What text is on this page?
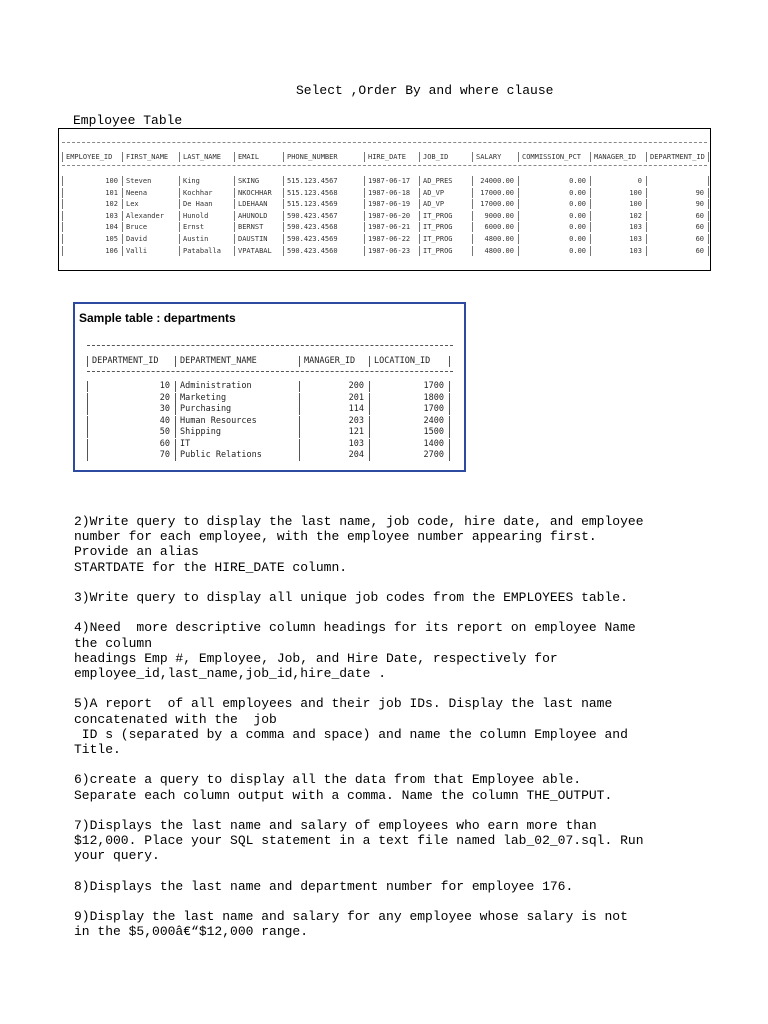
Select ,Order By and where clause
Employee Table
EMPLOYEE_ID	FIRST_NAME	LAST_NAME	EMAIL	PHONE_NUMBER	HIRE_DATE	JOB_ID	SALARY	COMMISSION_PCT	MANAGER_ID	DEPARTMENT_ID
100 Steven	King	SKING	515.123.4567	1987-06-17	AD_PRES	24000.00	0.00	0
101 Neena	Kochhar	NKOCHHAR	515.123.4568	1987-06-18	AD_VP	17000.00	0.00	100	90
102 Lex	De Haan	LDEHAAN	515.123.4569	1987-06-19	AD_VP	17000.00	0.00	100	90
103 Alexander	Hunold	AHUNOLD	590.423.4567	1987-06-20	IT_PROG	9000.00	0.00	102	60
104 Bruce	Ernst	BERNST	590.423.4568	1987-06-21	IT_PROG	6000.00	0.00	103	60
105 David	Austin	DAUSTIN	590.423.4569	1987-06-22	IT_PROG	4800.00	0.00	103	60
106 Valli	Pataballa	VPATABAL	590.423.4560	1987-06-23	IT_PROG	4800.00	0.00	103	60
Sample table : departments
DEPARTMENT_ID	DEPARTMENT_NAME	MANAGER_ID	LOCATION_ID
10 Administration	200	1700
20 Marketing	201	1800
30 Purchasing	114	1700
40 Human Resources	203	2400
50 Shipping	121	1500
60 IT	103	1400
70 Public Relations	204	2700
2)Write query to display the last name, job code, hire date, and employee
number for each employee, with the employee number appearing first.
Provide an alias
STARTDATE for the HIRE_DATE column.
3)Write query to display all unique job codes from the EMPLOYEES table.
4)Need  more descriptive column headings for its report on employee Name
the column
headings Emp #, Employee, Job, and Hire Date, respectively for
employee_id,last_name,job_id,hire_date .
5)A report  of all employees and their job IDs. Display the last name
concatenated with the  job
ID s (separated by a comma and space) and name the column Employee and
Title.
6)create a query to display all the data from that Employee able.
Separate each column output with a comma. Name the column THE_OUTPUT.
7)Displays the last name and salary of employees who earn more than
$12,000. Place your SQL statement in a text file named lab_02_07.sql. Run
your query.
8)Displays the last name and department number for employee 176.
9)Display the last name and salary for any employee whose salary is not
in the $5,000â€“$12,000 range.
